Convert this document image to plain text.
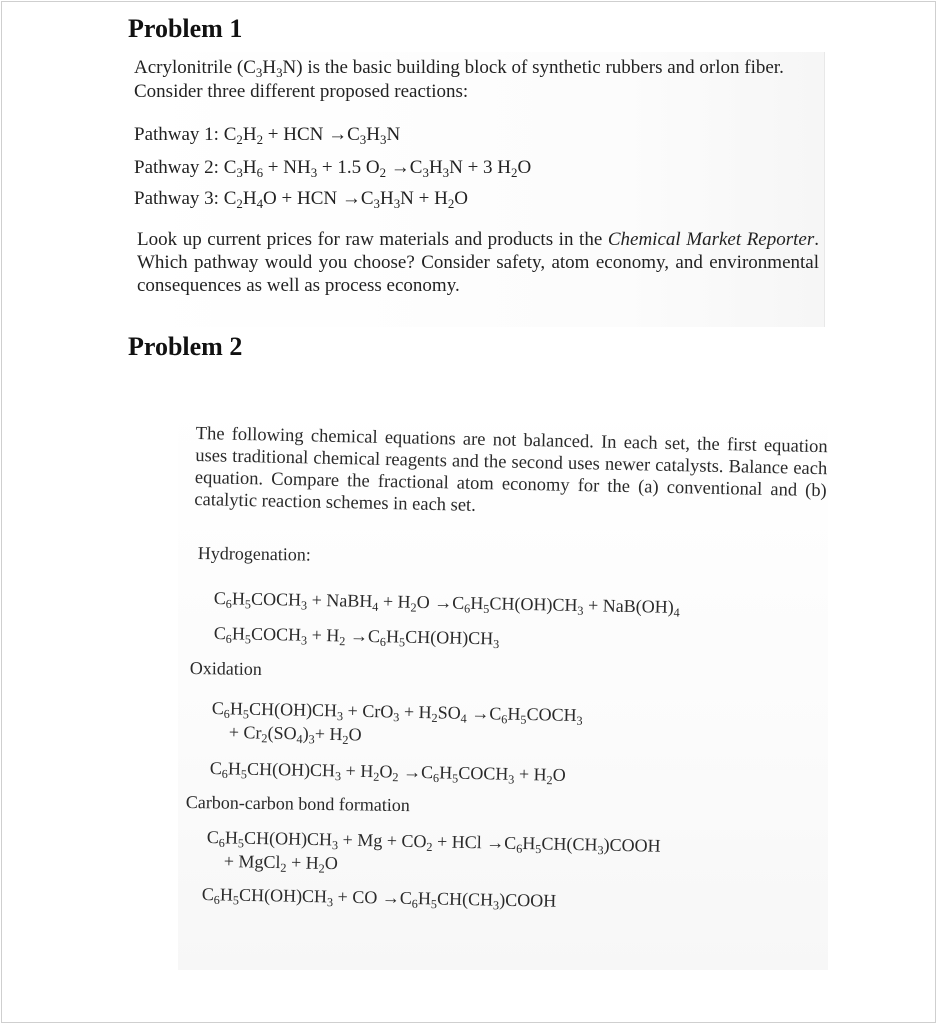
Problem 1
Acrylonitrile $(C_3H_3N)$ is the basic building block of synthetic rubbers and orlon fiber. Consider three different proposed reactions:
Pathway 1: $C_2H_2$ + HCN $\to C_3H_3N$
Pathway 2: $C_3H_6 + NH_3 + 1.5$ $O_2 \to C_3H_3N + 3$ $H_2O$
Pathway 3: $C_2H_4O$ + HCN $\to C_3H_3N + H_2O$
Look up current prices for raw materials and products in the Chemical Market Reporter. Which pathway would you choose? Consider safety, atom economy, and environmental consequences as well as process economy.
Problem 2
The following chemical equations are not balanced. In each set, the first equation uses traditional chemical reagents and the second uses newer catalysts. Balance each equation. Compare the fractional atom economy for the (a) conventional and (b) catalytic reaction schemes in each set.
Hydrogenation:
$C_6H_5COCH_3$ + NaBH$_4$ + $H_2O \to C_6H_5CH(OH)CH_3 + NaB(OH)_4$
$C_6H_5COCH_3 + H_2 \to C_6H_5CH(OH)CH_3$
Oxidation
$C_6H_5CH(OH)CH_3 + CrO_3 + H_2SO_4$ $\to C_6H_5COCH_3$
+ $Cr_2(SO_4)_3+ H_2O$
$C_6H_5CH(OH)CH_3 + H_2O_2$ $\to C_6H_5COCH_3 + H_2O$
Carbon-carbon bond formation
$C_6H_5CH(OH)CH_3 + Mg + CO_2$ + HCl $\to C_6H_5CH(CH_3)COOH$
+ MgCl$_2$ + $H_2O$
$C_6H_5CH(OH)CH_3$ + CO $\to C_6H_5CH(CH_3)COOH$
